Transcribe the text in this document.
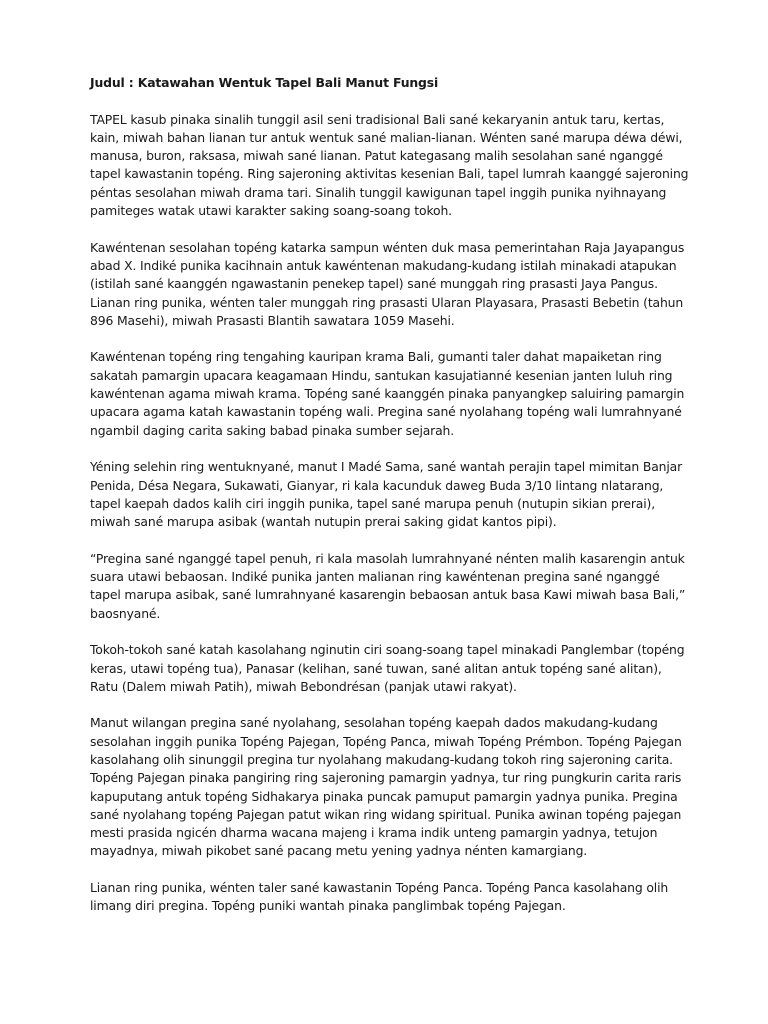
Judul : Katawahan Wentuk Tapel Bali Manut Fungsi

TAPEL kasub pinaka sinalih tunggil asil seni tradisional Bali sané kekaryanin antuk taru, kertas, kain, miwah bahan lianan tur antuk wentuk sané malian-lianan. Wénten sané marupa déwa déwi, manusa, buron, raksasa, miwah sané lianan. Patut kategasang malih sesolahan sané nganggé tapel kawastanin topéng. Ring sajeroning aktivitas kesenian Bali, tapel lumrah kaanggé sajeroning péntas sesolahan miwah drama tari. Sinalih tunggil kawigunan tapel inggih punika nyihnayang pamiteges watak utawi karakter saking soang-soang tokoh.

Kawéntenan sesolahan topéng katarka sampun wénten duk masa pemerintahan Raja Jayapangus abad X. Indiké punika kacihnain antuk kawéntenan makudang-kudang istilah minakadi atapukan (istilah sané kaanggén ngawastanin penekep tapel) sané munggah ring prasasti Jaya Pangus. Lianan ring punika, wénten taler munggah ring prasasti Ularan Playasara, Prasasti Bebetin (tahun 896 Masehi), miwah Prasasti Blantih sawatara 1059 Masehi.

Kawéntenan topéng ring tengahing kauripan krama Bali, gumanti taler dahat mapaiketan ring sakatah pamargin upacara keagamaan Hindu, santukan kasujatianné kesenian janten luluh ring kawéntenan agama miwah krama. Topéng sané kaanggén pinaka panyangkep saluiring pamargin upacara agama katah kawastanin topéng wali. Pregina sané nyolahang topéng wali lumrahnyané ngambil daging carita saking babad pinaka sumber sejarah.

Yéning selehin ring wentuknyané, manut I Madé Sama, sané wantah perajin tapel mimitan Banjar Penida, Désa Negara, Sukawati, Gianyar, ri kala kacunduk daweg Buda 3/10 lintang nlatarang, tapel kaepah dados kalih ciri inggih punika, tapel sané marupa penuh (nutupin sikian prerai), miwah sané marupa asibak (wantah nutupin prerai saking gidat kantos pipi).

“Pregina sané nganggé tapel penuh, ri kala masolah lumrahnyané nénten malih kasarengin antuk suara utawi bebaosan. Indiké punika janten malianan ring kawéntenan pregina sané nganggé tapel marupa asibak, sané lumrahnyané kasarengin bebaosan antuk basa Kawi miwah basa Bali,” baosnyané.

Tokoh-tokoh sané katah kasolahang nginutin ciri soang-soang tapel minakadi Panglembar (topéng keras, utawi topéng tua), Panasar (kelihan, sané tuwan, sané alitan antuk topéng sané alitan), Ratu (Dalem miwah Patih), miwah Bebondrésan (panjak utawi rakyat).

Manut wilangan pregina sané nyolahang, sesolahan topéng kaepah dados makudang-kudang sesolahan inggih punika Topéng Pajegan, Topéng Panca, miwah Topéng Prémbon. Topéng Pajegan kasolahang olih sinunggil pregina tur nyolahang makudang-kudang tokoh ring sajeroning carita. Topéng Pajegan pinaka pangiring ring sajeroning pamargin yadnya, tur ring pungkurin carita raris kapuputang antuk topéng Sidhakarya pinaka puncak pamuput pamargin yadnya punika. Pregina sané nyolahang topéng Pajegan patut wikan ring widang spiritual. Punika awinan topéng pajegan mesti prasida ngicén dharma wacana majeng i krama indik unteng pamargin yadnya, tetujon mayadnya, miwah pikobet sané pacang metu yening yadnya nénten kamargiang.

Lianan ring punika, wénten taler sané kawastanin Topéng Panca. Topéng Panca kasolahang olih limang diri pregina. Topéng puniki wantah pinaka panglimbak topéng Pajegan.
